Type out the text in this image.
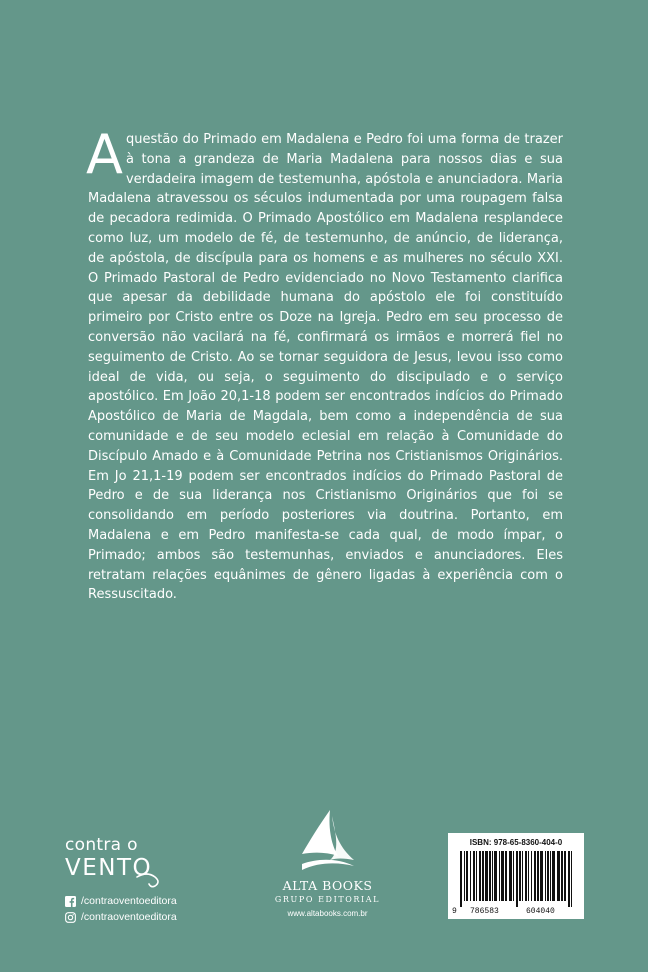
A questão do Primado em Madalena e Pedro foi uma forma de trazer à tona a grandeza de Maria Madalena para nossos dias e sua verdadeira imagem de testemunha, apóstola e anunciadora. Maria Madalena atravessou os séculos indumentada por uma roupagem falsa de pecadora redimida. O Primado Apostólico em Madalena resplandece como luz, um modelo de fé, de testemunho, de anúncio, de liderança, de apóstola, de discípula para os homens e as mulheres no século XXI. O Primado Pastoral de Pedro evidenciado no Novo Testamento clarifica que apesar da debilidade humana do apóstolo ele foi constituído primeiro por Cristo entre os Doze na Igreja. Pedro em seu processo de conversão não vacilará na fé, confirmará os irmãos e morrerá fiel no seguimento de Cristo. Ao se tornar seguidora de Jesus, levou isso como ideal de vida, ou seja, o seguimento do discipulado e o serviço apostólico. Em João 20,1-18 podem ser encontrados indícios do Primado Apostólico de Maria de Magdala, bem como a independência de sua comunidade e de seu modelo eclesial em relação à Comunidade do Discípulo Amado e à Comunidade Petrina nos Cristianismos Originários. Em Jo 21,1-19 podem ser encontrados indícios do Primado Pastoral de Pedro e de sua liderança nos Cristianismo Originários que foi se consolidando em período posteriores via doutrina. Portanto, em Madalena e em Pedro manifesta-se cada qual, de modo ímpar, o Primado; ambos são testemunhas, enviados e anunciadores. Eles retratam relações equânimes de gênero ligadas à experiência com o Ressuscitado.
contra o
VENTO
/contraoventoeditora
/contraoventoeditora
ALTA BOOKS
GRUPO EDITORIAL
www.altabooks.com.br
ISBN: 978-65-8360-404-0
9 786583	604040
